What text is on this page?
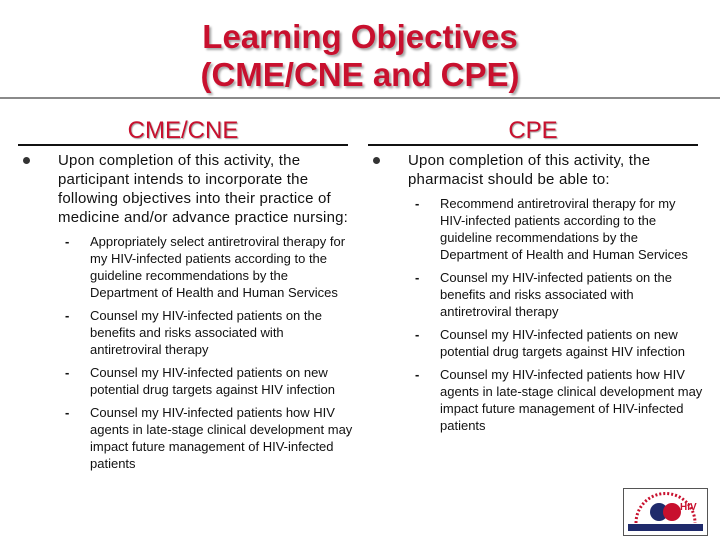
Learning Objectives
(CME/CNE and CPE)
CME/CNE
Upon completion of this activity, the participant intends to incorporate the following objectives into their practice of medicine and/or advance practice nursing:
- Appropriately select antiretroviral therapy for my HIV-infected patients according to the guideline recommendations by the Department of Health and Human Services
- Counsel my HIV-infected patients on the benefits and risks associated with antiretroviral therapy
- Counsel my HIV-infected patients on new potential drug targets against HIV infection
- Counsel my HIV-infected patients how HIV agents in late-stage clinical development may impact future management of HIV-infected patients
CPE
Upon completion of this activity, the pharmacist should be able to:
- Recommend antiretroviral therapy for my HIV-infected patients according to the guideline recommendations by the Department of Health and Human Services
- Counsel my HIV-infected patients on the benefits and risks associated with antiretroviral therapy
- Counsel my HIV-infected patients on new potential drug targets against HIV infection
- Counsel my HIV-infected patients how HIV agents in late-stage clinical development may impact future management of HIV-infected patients
HIV
